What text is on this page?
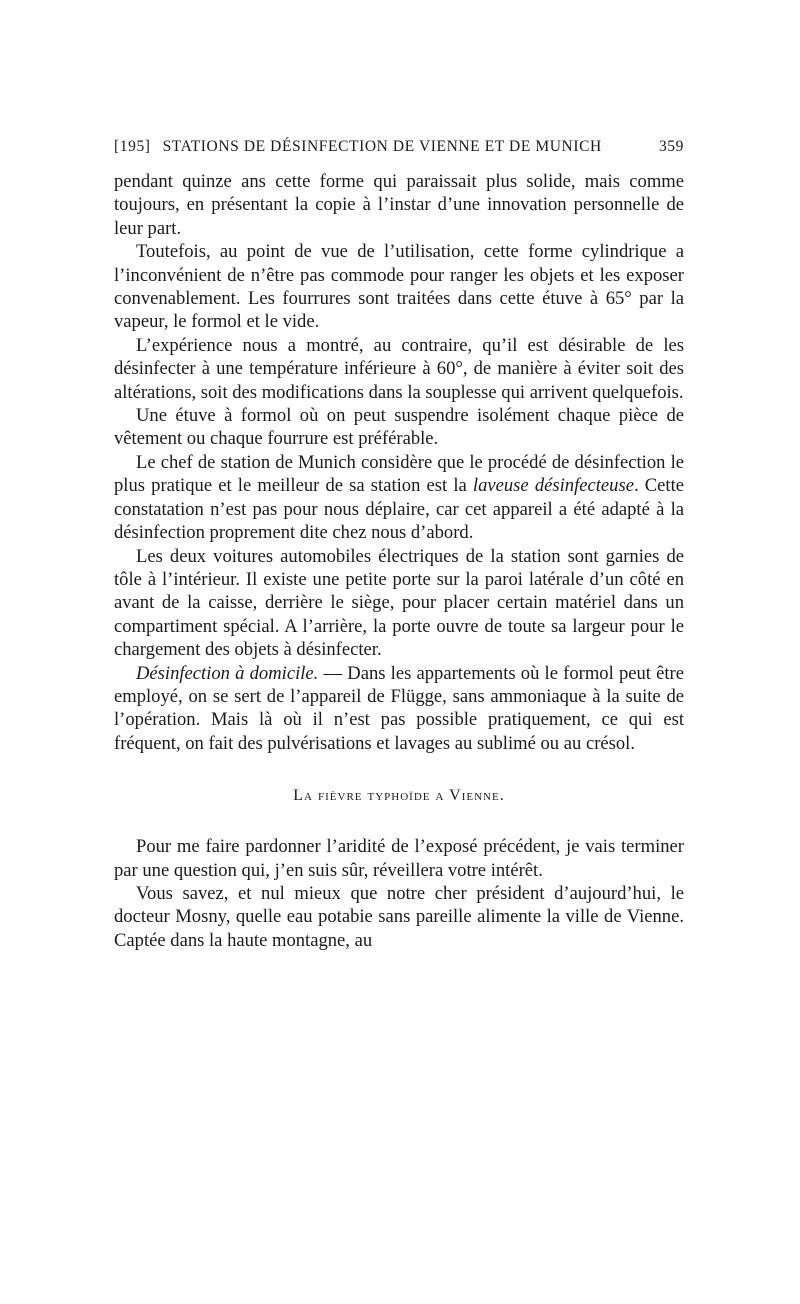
[195] STATIONS DE DÉSINFECTION DE VIENNE ET DE MUNICH	359

pendant quinze ans cette forme qui paraissait plus solide, mais comme toujours, en présentant la copie à l’instar d’une innovation personnelle de leur part.

Toutefois, au point de vue de l’utilisation, cette forme cylindrique a l’inconvénient de n’être pas commode pour ranger les objets et les exposer convenablement. Les fourrures sont traitées dans cette étuve à 65° par la vapeur, le formol et le vide.

L’expérience nous a montré, au contraire, qu’il est désirable de les désinfecter à une température inférieure à 60°, de manière à éviter soit des altérations, soit des modifications dans la souplesse qui arrivent quelquefois.

Une étuve à formol où on peut suspendre isolément chaque pièce de vêtement ou chaque fourrure est préférable.

Le chef de station de Munich considère que le procédé de désinfection le plus pratique et le meilleur de sa station est la laveuse désinfecteuse. Cette constatation n’est pas pour nous déplaire, car cet appareil a été adapté à la désinfection proprement dite chez nous d’abord.

Les deux voitures automobiles électriques de la station sont garnies de tôle à l’intérieur. Il existe une petite porte sur la paroi latérale d’un côté en avant de la caisse, derrière le siège, pour placer certain matériel dans un compartiment spécial. A l’arrière, la porte ouvre de toute sa largeur pour le chargement des objets à désinfecter.

Désinfection à domicile. — Dans les appartements où le formol peut être employé, on se sert de l’appareil de Flügge, sans ammoniaque à la suite de l’opération. Mais là où il n’est pas possible pratiquement, ce qui est fréquent, on fait des pulvérisations et lavages au sublimé ou au crésol.

La fièvre typhoïde a Vienne.

Pour me faire pardonner l’aridité de l’exposé précédent, je vais terminer par une question qui, j’en suis sûr, réveillera votre intérêt.

Vous savez, et nul mieux que notre cher président d’aujourd’hui, le docteur Mosny, quelle eau potabie sans pareille alimente la ville de Vienne. Captée dans la haute montagne, au
